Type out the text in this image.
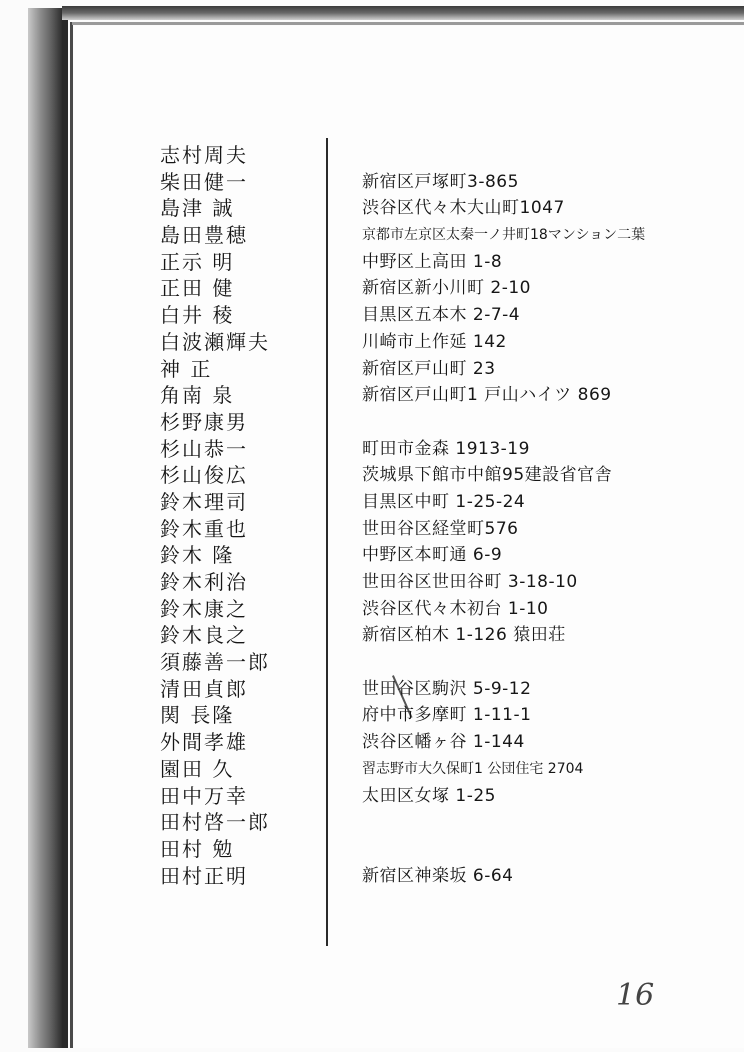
志村周夫
柴田健一
島津 誠
島田豊穂
正示 明
正田 健
白井 稜
白波瀬輝夫
神 正
角南 泉
杉野康男
杉山恭一
杉山俊広
鈴木理司
鈴木重也
鈴木 隆
鈴木利治
鈴木康之
鈴木良之
須藤善一郎
清田貞郎
関 長隆
外間孝雄
園田 久
田中万幸
田村啓一郎
田村 勉
田村正明
新宿区戸塚町3-865
渋谷区代々木大山町1047
京都市左京区太秦一ノ井町18マンション二葉
中野区上高田 1-8
新宿区新小川町 2-10
目黒区五本木 2-7-4
川崎市上作延 142
新宿区戸山町 23
新宿区戸山町1 戸山ハイツ 869
町田市金森 1913-19
茨城県下館市中館95建設省官舎
目黒区中町 1-25-24
世田谷区経堂町576
中野区本町通 6-9
世田谷区世田谷町 3-18-10
渋谷区代々木初台 1-10
新宿区柏木 1-126 猿田荘
世田谷区駒沢 5-9-12
府中市多摩町 1-11-1
渋谷区幡ヶ谷 1-144
習志野市大久保町1 公団住宅 2704
太田区女塚 1-25
新宿区神楽坂 6-64
16
